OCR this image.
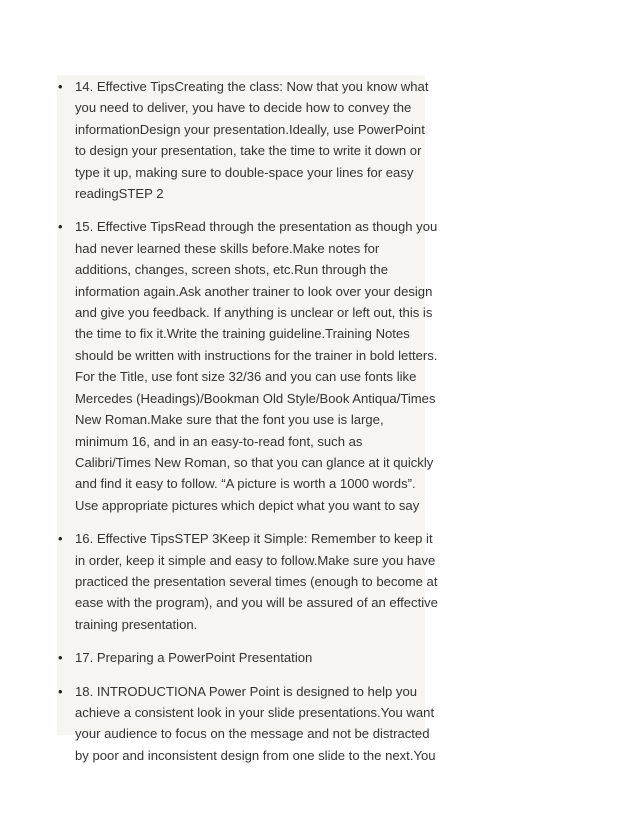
• 14. Effective TipsCreating the class: Now that you know what
you need to deliver, you have to decide how to convey the
informationDesign your presentation.Ideally, use PowerPoint
to design your presentation, take the time to write it down or
type it up, making sure to double-space your lines for easy
readingSTEP 2
• 15. Effective TipsRead through the presentation as though you
had never learned these skills before.Make notes for
additions, changes, screen shots, etc.Run through the
information again.Ask another trainer to look over your design
and give you feedback. If anything is unclear or left out, this is
the time to fix it.Write the training guideline.Training Notes
should be written with instructions for the trainer in bold letters.
For the Title, use font size 32/36 and you can use fonts like
Mercedes (Headings)/Bookman Old Style/Book Antiqua/Times
New Roman.Make sure that the font you use is large,
minimum 16, and in an easy-to-read font, such as
Calibri/Times New Roman, so that you can glance at it quickly
and find it easy to follow. “A picture is worth a 1000 words”.
Use appropriate pictures which depict what you want to say
• 16. Effective TipsSTEP 3Keep it Simple: Remember to keep it
in order, keep it simple and easy to follow.Make sure you have
practiced the presentation several times (enough to become at
ease with the program), and you will be assured of an effective
training presentation.
• 17. Preparing a PowerPoint Presentation
• 18. INTRODUCTIONA Power Point is designed to help you
achieve a consistent look in your slide presentations.You want
your audience to focus on the message and not be distracted
by poor and inconsistent design from one slide to the next.You
